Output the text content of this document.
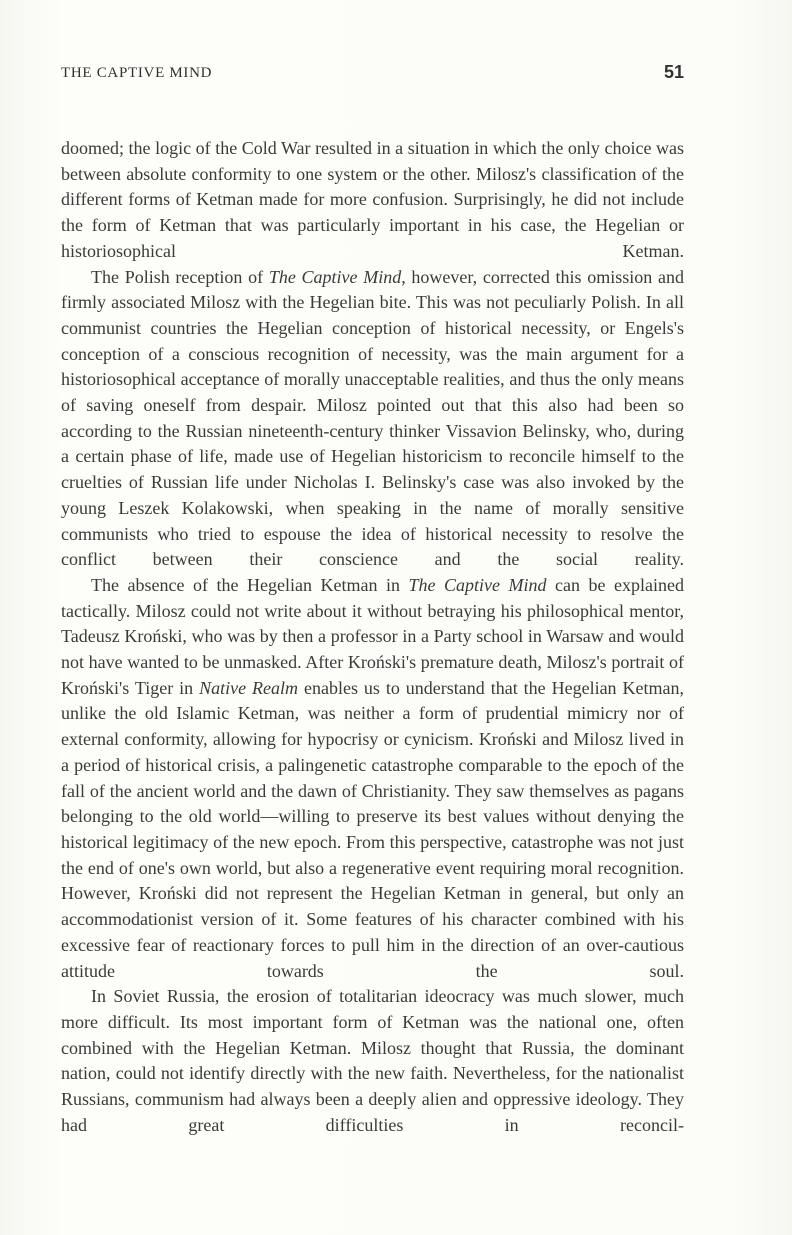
THE CAPTIVE MIND	51

doomed; the logic of the Cold War resulted in a situation in which the only choice was between absolute conformity to one system or the other. Milosz's classification of the different forms of Ketman made for more confusion. Surprisingly, he did not include the form of Ketman that was particularly important in his case, the Hegelian or historiosophical Ketman.

The Polish reception of The Captive Mind, however, corrected this omission and firmly associated Milosz with the Hegelian bite. This was not peculiarly Polish. In all communist countries the Hegelian conception of historical necessity, or Engels's conception of a conscious recognition of necessity, was the main argument for a historiosophical acceptance of morally unacceptable realities, and thus the only means of saving oneself from despair. Milosz pointed out that this also had been so according to the Russian nineteenth-century thinker Vissavion Belinsky, who, during a certain phase of life, made use of Hegelian historicism to reconcile himself to the cruelties of Russian life under Nicholas I. Belinsky's case was also invoked by the young Leszek Kolakowski, when speaking in the name of morally sensitive communists who tried to espouse the idea of historical necessity to resolve the conflict between their conscience and the social reality.

The absence of the Hegelian Ketman in The Captive Mind can be explained tactically. Milosz could not write about it without betraying his philosophical mentor, Tadeusz Kroński, who was by then a professor in a Party school in Warsaw and would not have wanted to be unmasked. After Kroński's premature death, Milosz's portrait of Kroński's Tiger in Native Realm enables us to understand that the Hegelian Ketman, unlike the old Islamic Ketman, was neither a form of prudential mimicry nor of external conformity, allowing for hypocrisy or cynicism. Kroński and Milosz lived in a period of historical crisis, a palingenetic catastrophe comparable to the epoch of the fall of the ancient world and the dawn of Christianity. They saw themselves as pagans belonging to the old world—willing to preserve its best values without denying the historical legitimacy of the new epoch. From this perspective, catastrophe was not just the end of one's own world, but also a regenerative event requiring moral recognition. However, Kroński did not represent the Hegelian Ketman in general, but only an accommodationist version of it. Some features of his character combined with his excessive fear of reactionary forces to pull him in the direction of an over-cautious attitude towards the soul.

In Soviet Russia, the erosion of totalitarian ideocracy was much slower, much more difficult. Its most important form of Ketman was the national one, often combined with the Hegelian Ketman. Milosz thought that Russia, the dominant nation, could not identify directly with the new faith. Nevertheless, for the nationalist Russians, communism had always been a deeply alien and oppressive ideology. They had great difficulties in reconcil-
